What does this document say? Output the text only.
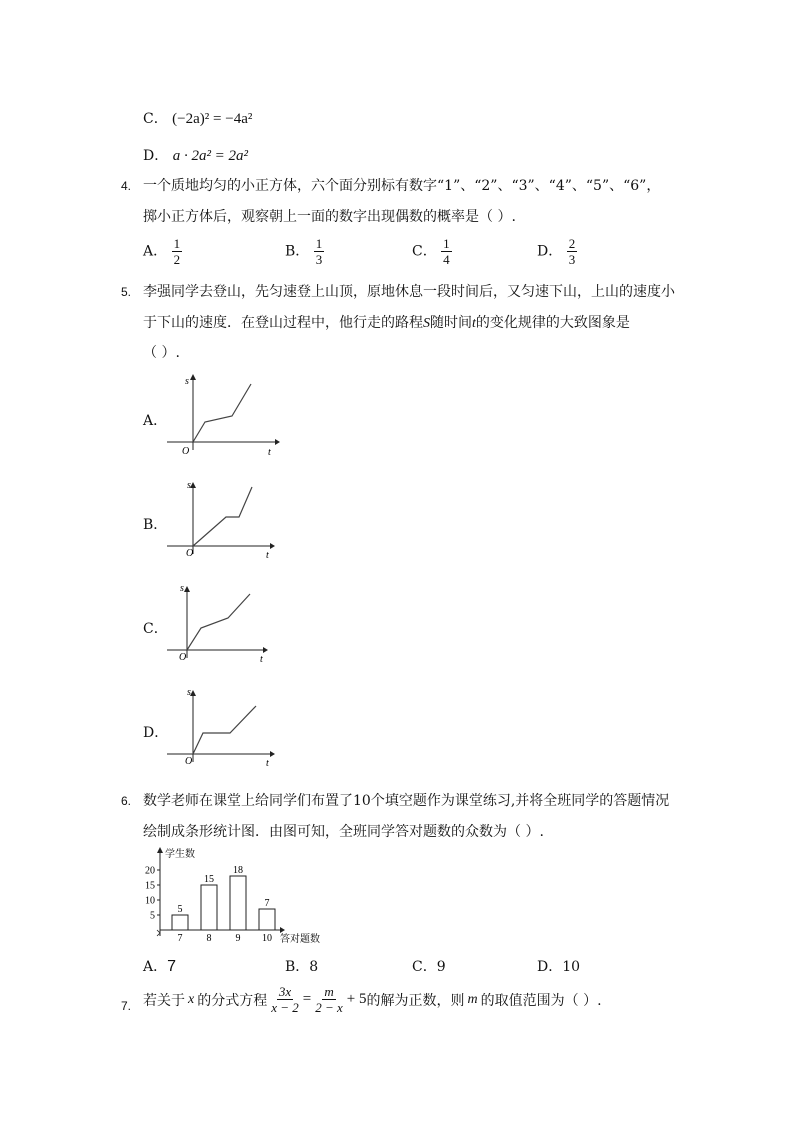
C． (−2a)² = −4a²
D． a · 2a² = 2a²
4. 一个质地均匀的小正方体，六个面分别标有数字“1”、“2”、“3”、“4”、“5”、“6”，
掷小正方体后，观察朝上一面的数字出现偶数的概率是（ ）.
A． $\frac{1}{2}$	B． $\frac{1}{3}$	C． $\frac{1}{4}$	D． $\frac{2}{3}$
5. 李强同学去登山，先匀速登上山顶，原地休息一段时间后，又匀速下山，上山的速度小
于下山的速度．在登山过程中，他行走的路程S随时间t的变化规律的大致图象是
（ ）.
A．
s
t
O
B．
s
t
O
C．
s
t
O
D．
s
t
O
6. 数学老师在课堂上给同学们布置了10个填空题作为课堂练习,并将全班同学的答题情况
绘制成条形统计图．由图可知，全班同学答对题数的众数为（ ）.
学生数
答对题数
5
10
15
20
5
7
15
8
18
9
7
10
A．7	B．8	C．9	D．10
7. 若关于 x 的分式方程 $\frac{3x}{x - 2} = \frac{m}{2 - x} + 5$ 的解为正数，则 m 的取值范围为（ ）.
